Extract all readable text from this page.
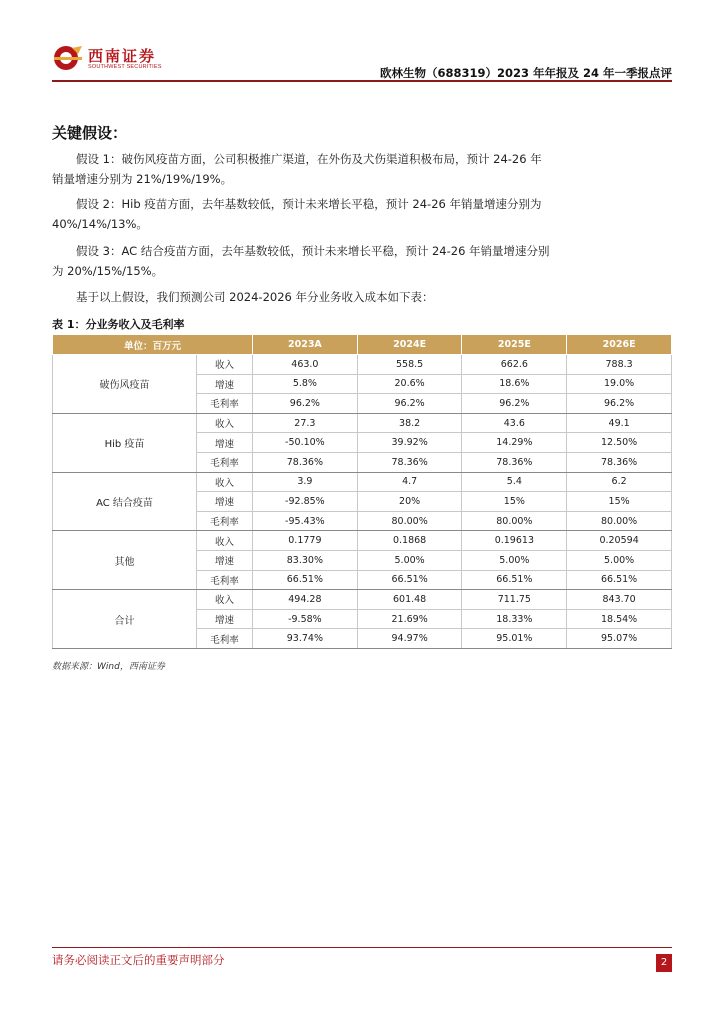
西南证券
SOUTHWEST SECURITIES	欧林生物（688319）2023 年年报及 24 年一季报点评
关键假设：
假设 1：破伤风疫苗方面，公司积极推广渠道，在外伤及犬伤渠道积极布局，预计 24-26 年销量增速分别为 21%/19%/19%。
假设 2：Hib 疫苗方面，去年基数较低，预计未来增长平稳，预计 24-26 年销量增速分别为 40%/14%/13%。
假设 3：AC 结合疫苗方面，去年基数较低，预计未来增长平稳，预计 24-26 年销量增速分别为 20%/15%/15%。
基于以上假设，我们预测公司 2024-2026 年分业务收入成本如下表：
表 1：分业务收入及毛利率
单位：百万元		2023A	2024E	2025E	2026E
破伤风疫苗	收入	463.0	558.5	662.6	788.3
	增速	5.8%	20.6%	18.6%	19.0%
	毛利率	96.2%	96.2%	96.2%	96.2%
Hib 疫苗	收入	27.3	38.2	43.6	49.1
	增速	-50.10%	39.92%	14.29%	12.50%
	毛利率	78.36%	78.36%	78.36%	78.36%
AC 结合疫苗	收入	3.9	4.7	5.4	6.2
	增速	-92.85%	20%	15%	15%
	毛利率	-95.43%	80.00%	80.00%	80.00%
其他	收入	0.1779	0.1868	0.19613	0.20594
	增速	83.30%	5.00%	5.00%	5.00%
	毛利率	66.51%	66.51%	66.51%	66.51%
合计	收入	494.28	601.48	711.75	843.70
	增速	-9.58%	21.69%	18.33%	18.54%
	毛利率	93.74%	94.97%	95.01%	95.07%
数据来源：Wind，西南证券
请务必阅读正文后的重要声明部分	2
